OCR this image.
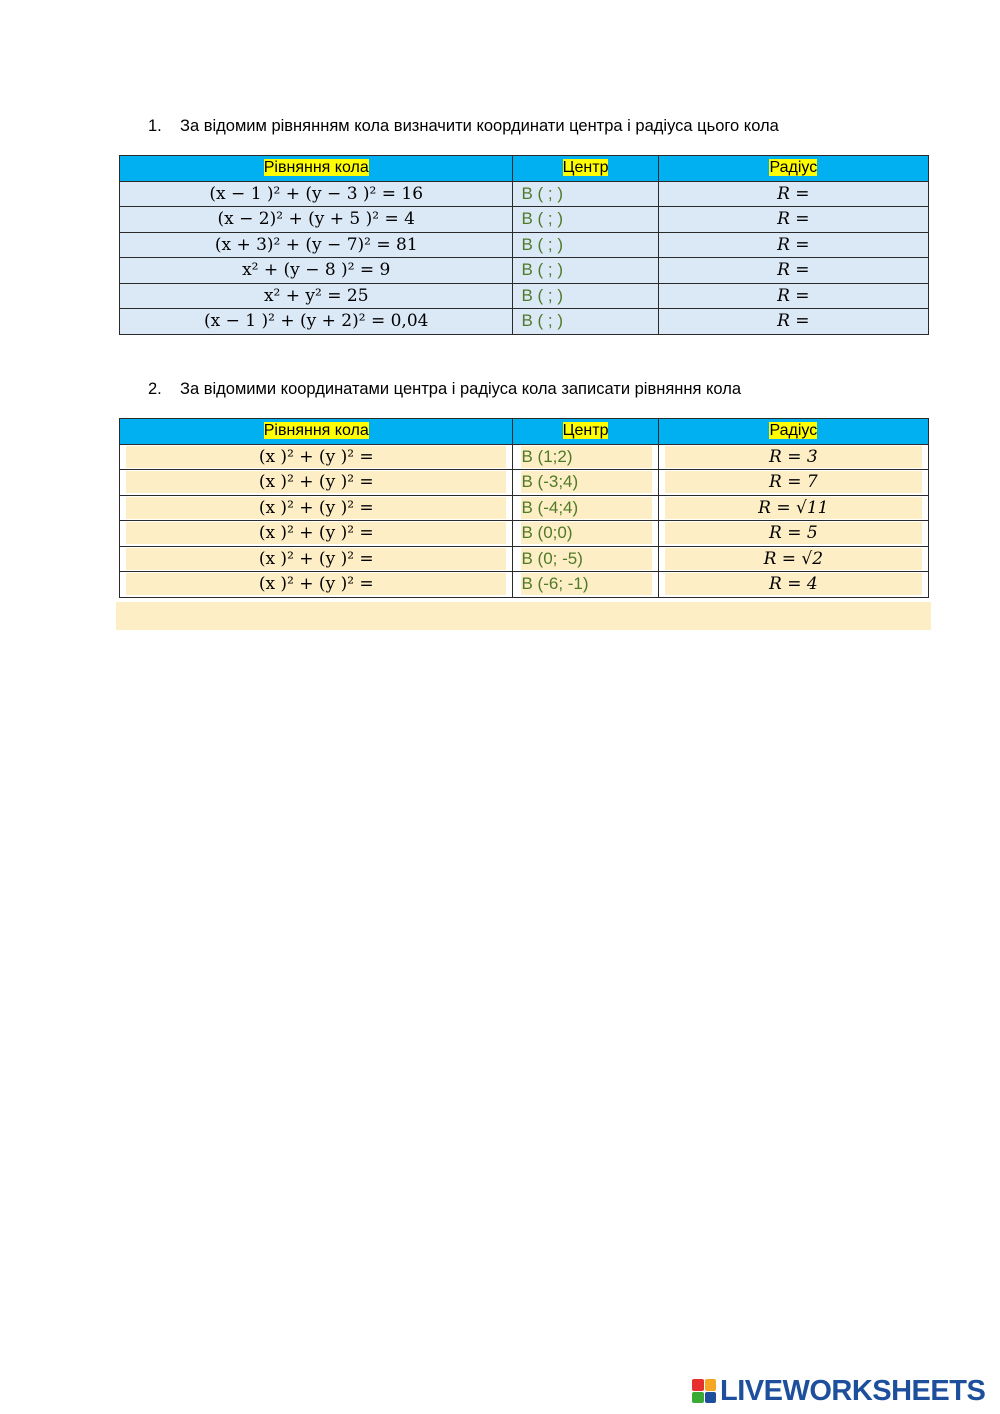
1. За відомим рівнянням кола визначити координати центра і радіуса цього кола
Рівняння кола	Центр	Радіус
(x − 1 )² + (y − 3 )² = 16	B ( ; )	R =
(x − 2)² + (y + 5 )² = 4	B ( ; )	R =
(x + 3)² + (y − 7)² = 81	B ( ; )	R =
x² + (y − 8 )² = 9	B ( ; )	R =
x² + y² = 25	B ( ; )	R =
(x − 1 )² + (y + 2)² = 0,04	B ( ; )	R =
2. За відомими координатами центра і радіуса кола записати рівняння кола
Рівняння кола	Центр	Радіус

(x )² + (y )² =	B (1;2)	R = 3

(x )² + (y )² =	B (-3;4)	R = 7

(x )² + (y )² =	B (-4;4)	R = √11

(x )² + (y )² =	B (0;0)	R = 5

(x )² + (y )² =	B (0; -5)	R = √2

(x )² + (y )² =	B (-6; -1)	R = 4
LIVEWORKSHEETS
